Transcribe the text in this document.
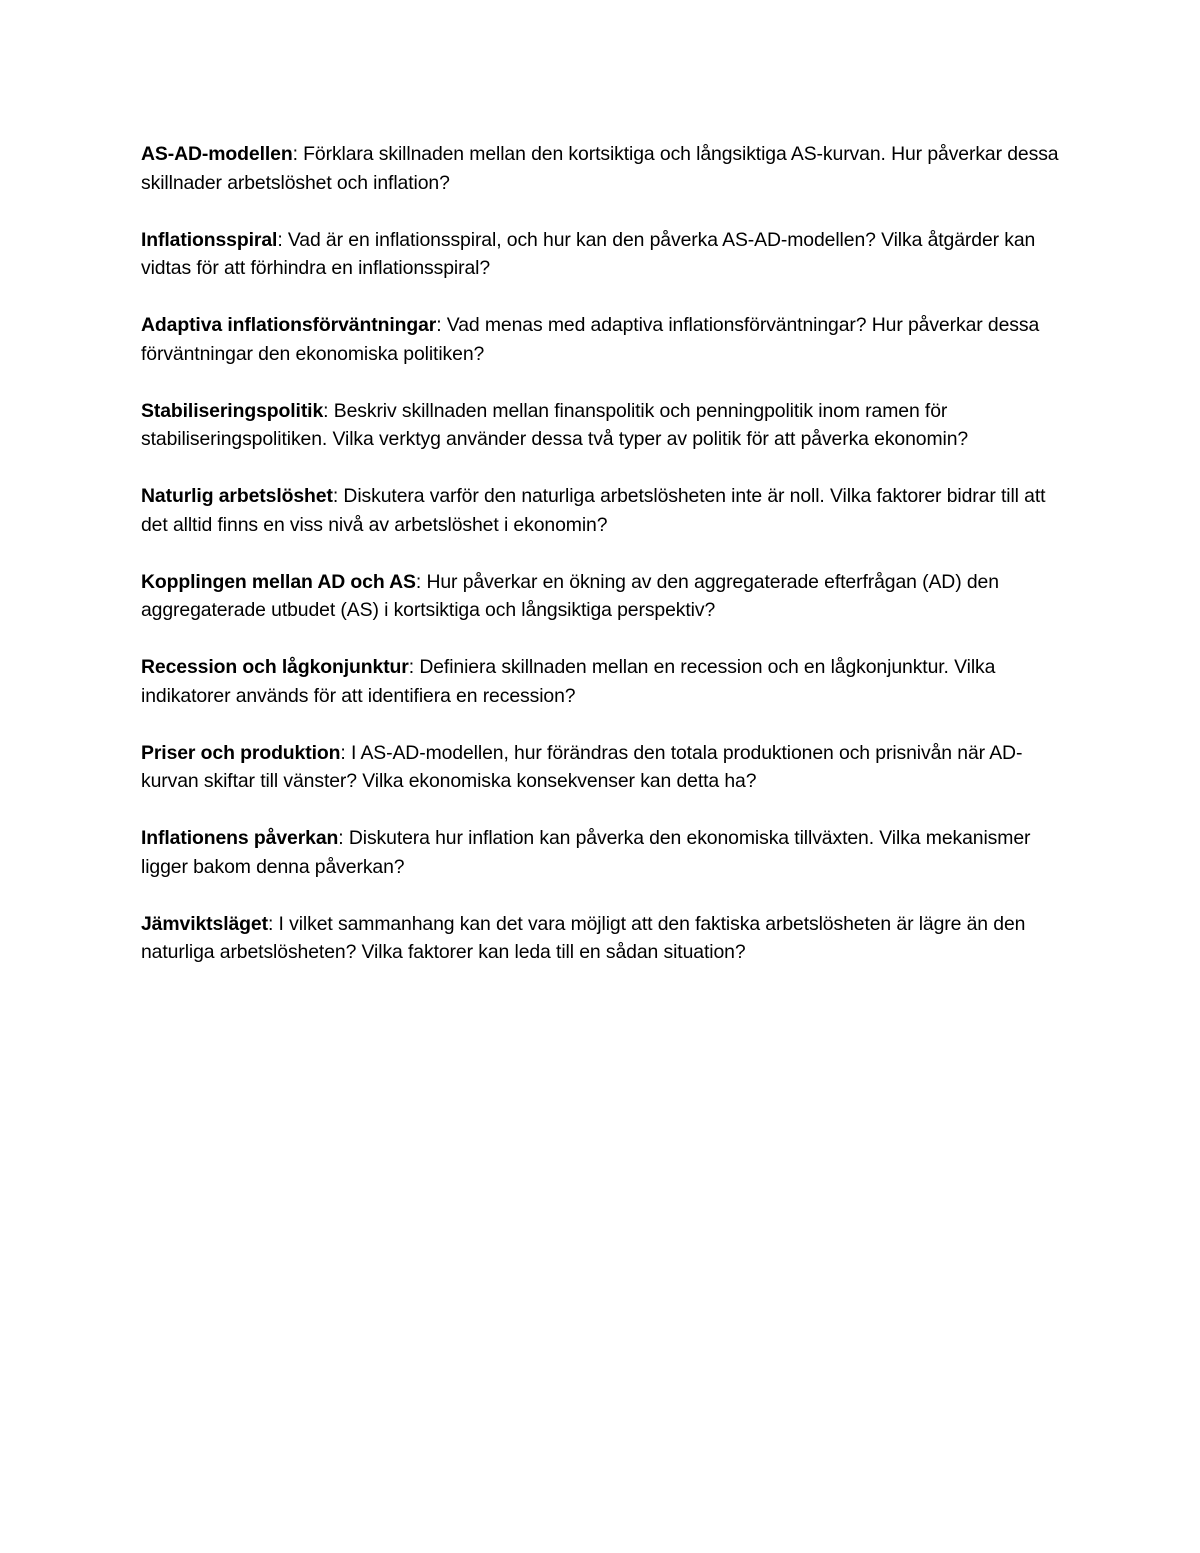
AS-AD-modellen: Förklara skillnaden mellan den kortsiktiga och långsiktiga AS-kurvan. Hur påverkar dessa skillnader arbetslöshet och inflation?

Inflationsspiral: Vad är en inflationsspiral, och hur kan den påverka AS-AD-modellen? Vilka åtgärder kan vidtas för att förhindra en inflationsspiral?

Adaptiva inflationsförväntningar: Vad menas med adaptiva inflationsförväntningar? Hur påverkar dessa förväntningar den ekonomiska politiken?

Stabiliseringspolitik: Beskriv skillnaden mellan finanspolitik och penningpolitik inom ramen för stabiliseringspolitiken. Vilka verktyg använder dessa två typer av politik för att påverka ekonomin?

Naturlig arbetslöshet: Diskutera varför den naturliga arbetslösheten inte är noll. Vilka faktorer bidrar till att det alltid finns en viss nivå av arbetslöshet i ekonomin?

Kopplingen mellan AD och AS: Hur påverkar en ökning av den aggregaterade efterfrågan (AD) den aggregaterade utbudet (AS) i kortsiktiga och långsiktiga perspektiv?

Recession och lågkonjunktur: Definiera skillnaden mellan en recession och en lågkonjunktur. Vilka indikatorer används för att identifiera en recession?

Priser och produktion: I AS-AD-modellen, hur förändras den totala produktionen och prisnivån när AD-kurvan skiftar till vänster? Vilka ekonomiska konsekvenser kan detta ha?

Inflationens påverkan: Diskutera hur inflation kan påverka den ekonomiska tillväxten. Vilka mekanismer ligger bakom denna påverkan?

Jämviktsläget: I vilket sammanhang kan det vara möjligt att den faktiska arbetslösheten är lägre än den naturliga arbetslösheten? Vilka faktorer kan leda till en sådan situation?
